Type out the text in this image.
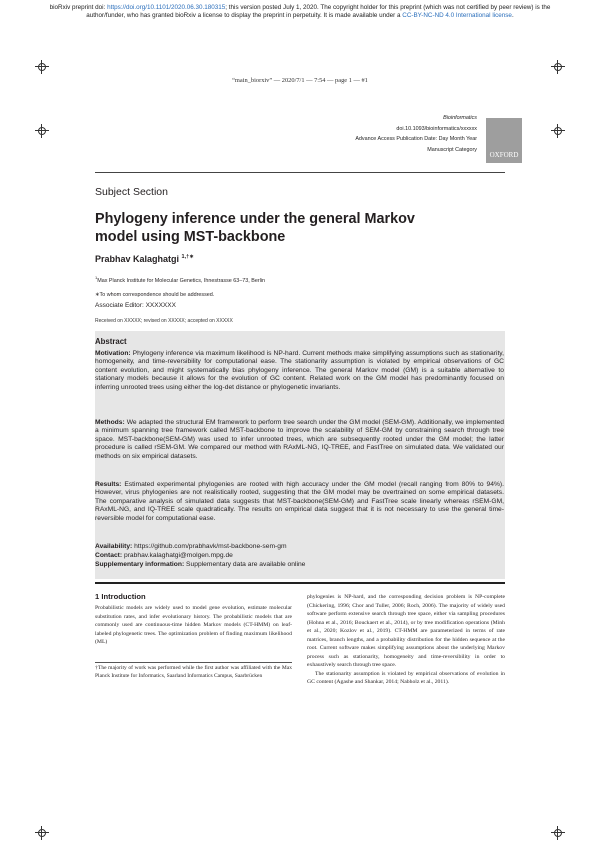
bioRxiv preprint doi: https://doi.org/10.1101/2020.06.30.180315; this version posted July 1, 2020. The copyright holder for this preprint (which was not certified by peer review) is the author/funder, who has granted bioRxiv a license to display the preprint in perpetuity. It is made available under a CC-BY-NC-ND 4.0 International license.
“main_biorxiv” — 2020/7/1 — 7:54 — page 1 — #1
Bioinformatics
doi.10.1093/bioinformatics/xxxxxx
Advance Access Publication Date: Day Month Year
Manuscript Category
OXFORD
Subject Section
Phylogeny inference under the general Markov model using MST-backbone
Prabhav Kalaghatgi $^{1,\dagger∗}$
$^1$Max Planck Institute for Molecular Genetics, Ihnestrasse 63–73, Berlin
∗To whom correspondence should be addressed.
Associate Editor: XXXXXXX
Received on XXXXX; revised on XXXXX; accepted on XXXXX
Abstract
Motivation: Phylogeny inference via maximum likelihood is NP-hard. Current methods make simplifying assumptions such as stationarity, homogeneity, and time-reversibility for computational ease. The stationarity assumption is violated by empirical observations of GC content evolution, and might systematically bias phylogeny inference. The general Markov model (GM) is a suitable alternative to stationary models because it allows for the evolution of GC content. Related work on the GM model has predominantly focused on inferring unrooted trees using either the log-det distance or phylogenetic invariants.
Methods: We adapted the structural EM framework to perform tree search under the GM model (SEM-GM). Additionally, we implemented a minimum spanning tree framework called MST-backbone to improve the scalability of SEM-GM by constraining search through tree space. MST-backbone(SEM-GM) was used to infer unrooted trees, which are subsequently rooted under the GM model; the latter procedure is called rSEM-GM. We compared our method with RAxML-NG, IQ-TREE, and FastTree on simulated data. We validated our methods on six empirical datasets.
Results: Estimated experimental phylogenies are rooted with high accuracy under the GM model (recall ranging from 80% to 94%). However, virus phylogenies are not realistically rooted, suggesting that the GM model may be overtrained on some empirical datasets. The comparative analysis of simulated data suggests that MST-backbone(SEM-GM) and FastTree scale linearly whereas rSEM-GM, RAxML-NG, and IQ-TREE scale quadratically. The results on empirical data suggest that it is not necessary to use the general time-reversible model for computational ease.
Availability: https://github.com/prabhavk/mst-backbone-sem-gm
Contact: prabhav.kalaghatgi@molgen.mpg.de
Supplementary information: Supplementary data are available online
1 Introduction
Probabilistic models are widely used to model gene evolution, estimate molecular substitution rates, and infer evolutionary history. The probabilistic models that are commonly used are continuous-time hidden Markov models (CT-HMM) on leaf-labeled phylogenetic trees. The optimization problem of finding maximum likelihood (ML)
†The majority of work was performed while the first author was affiliated with the Max Planck Institute for Informatics, Saarland Informatics Campus, Saarbrücken
phylogenies is NP-hard, and the corresponding decision problem is NP-complete (Chickering, 1996; Chor and Tuller, 2006; Roch, 2006). The majority of widely used software perform extensive search through tree space, either via sampling procedures (Hohna et al., 2016; Bouckaert et al., 2014), or by tree modification operations (Minh et al., 2020; Kozlov et al., 2019). CT-HMM are parameterized in terms of rate matrices, branch lengths, and a probability distribution for the hidden sequence at the root. Current software makes simplifying assumptions about the underlying Markov process such as stationarity, homogeneity and time-reversibility in order to exhaustively search through tree space.
The stationarity assumption is violated by empirical observations of evolution in GC content (Agashe and Shankar, 2014; Nabholz et al., 2011).
